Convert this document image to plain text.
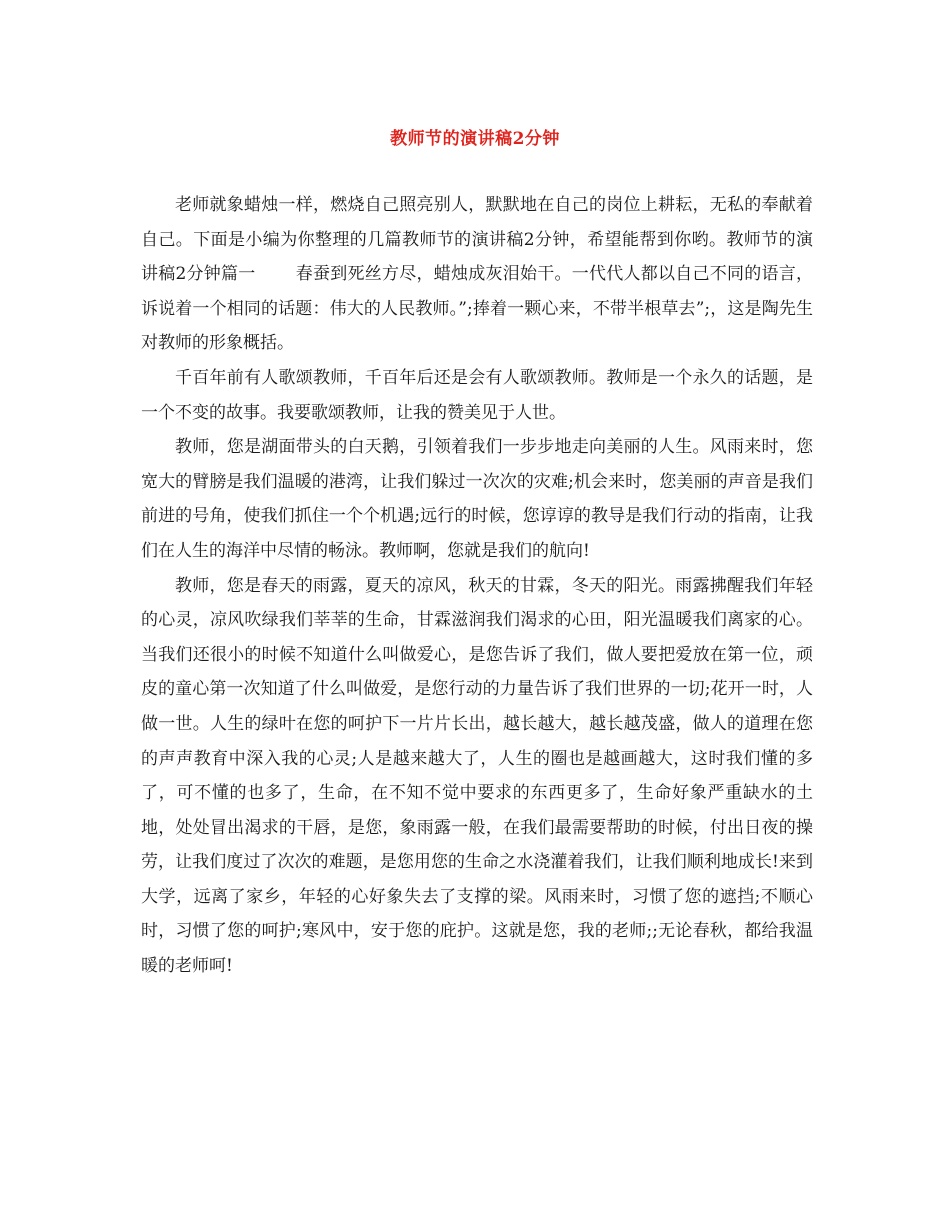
教师节的演讲稿2分钟

老师就象蜡烛一样，燃烧自己照亮别人，默默地在自己的岗位上耕耘，无私的奉献着自己。下面是小编为你整理的几篇教师节的演讲稿2分钟，希望能帮到你哟。教师节的演讲稿2分钟篇一 春蚕到死丝方尽，蜡烛成灰泪始干。一代代人都以自己不同的语言，诉说着一个相同的话题：伟大的人民教师。”;捧着一颗心来，不带半根草去”;，这是陶先生对教师的形象概括。

千百年前有人歌颂教师，千百年后还是会有人歌颂教师。教师是一个永久的话题，是一个不变的故事。我要歌颂教师，让我的赞美见于人世。

教师，您是湖面带头的白天鹅，引领着我们一步步地走向美丽的人生。风雨来时，您宽大的臂膀是我们温暖的港湾，让我们躲过一次次的灾难;机会来时，您美丽的声音是我们前进的号角，使我们抓住一个个机遇;远行的时候，您谆谆的教导是我们行动的指南，让我们在人生的海洋中尽情的畅泳。教师啊，您就是我们的航向!

教师，您是春天的雨露，夏天的凉风，秋天的甘霖，冬天的阳光。雨露拂醒我们年轻的心灵，凉风吹绿我们莘莘的生命，甘霖滋润我们渴求的心田，阳光温暖我们离家的心。当我们还很小的时候不知道什么叫做爱心，是您告诉了我们，做人要把爱放在第一位，顽皮的童心第一次知道了什么叫做爱，是您行动的力量告诉了我们世界的一切;花开一时，人做一世。人生的绿叶在您的呵护下一片片长出，越长越大，越长越茂盛，做人的道理在您的声声教育中深入我的心灵;人是越来越大了，人生的圈也是越画越大，这时我们懂的多了，可不懂的也多了，生命，在不知不觉中要求的东西更多了，生命好象严重缺水的土地，处处冒出渴求的干唇，是您，象雨露一般，在我们最需要帮助的时候，付出日夜的操劳，让我们度过了次次的难题，是您用您的生命之水浇灌着我们，让我们顺利地成长!来到大学，远离了家乡，年轻的心好象失去了支撑的梁。风雨来时，习惯了您的遮挡;不顺心时，习惯了您的呵护;寒风中，安于您的庇护。这就是您，我的老师;;无论春秋，都给我温暖的老师呵!
